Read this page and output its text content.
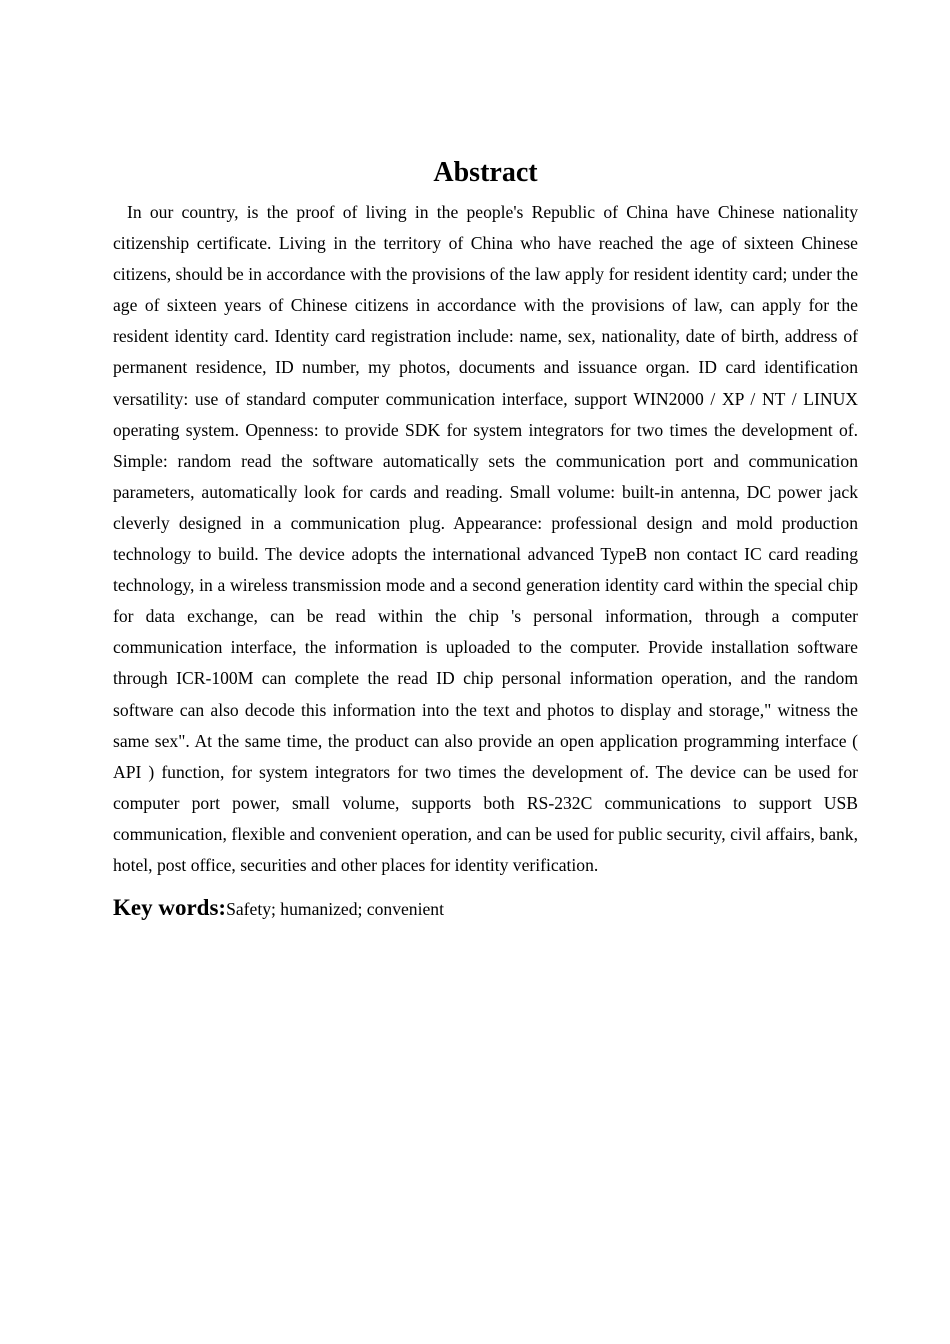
Abstract

In our country, is the proof of living in the people's Republic of China have Chinese nationality citizenship certificate. Living in the territory of China who have reached the age of sixteen Chinese citizens, should be in accordance with the provisions of the law apply for resident identity card; under the age of sixteen years of Chinese citizens in accordance with the provisions of law, can apply for the resident identity card. Identity card registration include: name, sex, nationality, date of birth, address of permanent residence, ID number, my photos, documents and issuance organ. ID card identification versatility: use of standard computer communication interface, support WIN2000 / XP / NT / LINUX operating system. Openness: to provide SDK for system integrators for two times the development of. Simple: random read the software automatically sets the communication port and communication parameters, automatically look for cards and reading. Small volume: built-in antenna, DC power jack cleverly designed in a communication plug. Appearance: professional design and mold production technology to build. The device adopts the international advanced TypeB non contact IC card reading technology, in a wireless transmission mode and a second generation identity card within the special chip for data exchange, can be read within the chip 's personal information, through a computer communication interface, the information is uploaded to the computer. Provide installation software through ICR-100M can complete the read ID chip personal information operation, and the random software can also decode this information into the text and photos to display and storage," witness the same sex". At the same time, the product can also provide an open application programming interface ( API ) function, for system integrators for two times the development of. The device can be used for computer port power, small volume, supports both RS-232C communications to support USB communication, flexible and convenient operation, and can be used for public security, civil affairs, bank, hotel, post office, securities and other places for identity verification.

Key words:Safety; humanized; convenient
